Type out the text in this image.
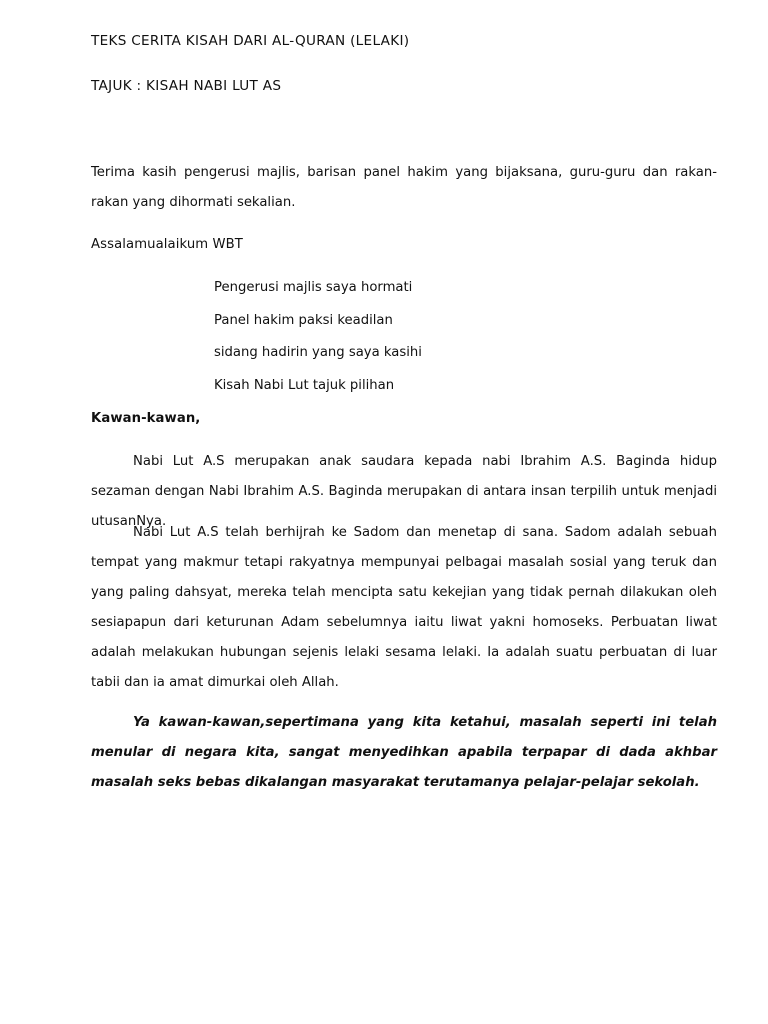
TEKS CERITA KISAH DARI AL-QURAN (LELAKI)
TAJUK : KISAH NABI LUT AS
Terima kasih pengerusi majlis, barisan panel hakim yang bijaksana, guru-guru dan rakan-rakan yang dihormati sekalian.
Assalamualaikum WBT
Pengerusi majlis saya hormati
Panel hakim paksi keadilan
sidang hadirin yang saya kasihi
Kisah Nabi Lut tajuk pilihan
Kawan-kawan,
Nabi Lut A.S merupakan anak saudara kepada nabi Ibrahim A.S. Baginda hidup sezaman dengan Nabi Ibrahim A.S. Baginda merupakan di antara insan terpilih untuk menjadi utusanNya.
Nabi Lut A.S telah berhijrah ke Sadom dan menetap di sana. Sadom adalah sebuah tempat yang makmur tetapi rakyatnya mempunyai pelbagai masalah sosial yang teruk dan yang paling dahsyat, mereka telah mencipta satu kekejian yang tidak pernah dilakukan oleh sesiapapun dari keturunan Adam sebelumnya iaitu liwat yakni homoseks. Perbuatan liwat adalah melakukan hubungan sejenis lelaki sesama lelaki. Ia adalah suatu perbuatan di luar tabii dan ia amat dimurkai oleh Allah.
Ya kawan-kawan,sepertimana yang kita ketahui, masalah seperti ini telah menular di negara kita, sangat menyedihkan apabila terpapar di dada akhbar masalah seks bebas dikalangan masyarakat terutamanya pelajar-pelajar sekolah.
